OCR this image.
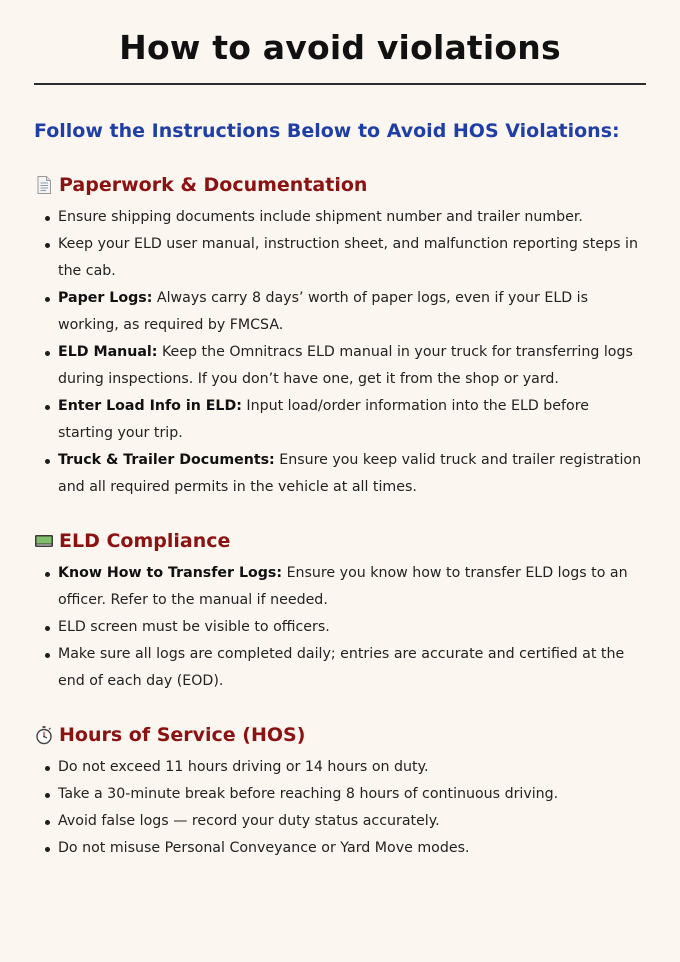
How to avoid violations
Follow the Instructions Below to Avoid HOS Violations:
Paperwork & Documentation
Ensure shipping documents include shipment number and trailer number.
Keep your ELD user manual, instruction sheet, and malfunction reporting steps in the cab.
Paper Logs: Always carry 8 days’ worth of paper logs, even if your ELD is working, as required by FMCSA.
ELD Manual: Keep the Omnitracs ELD manual in your truck for transferring logs during inspections. If you don’t have one, get it from the shop or yard.
Enter Load Info in ELD: Input load/order information into the ELD before starting your trip.
Truck & Trailer Documents: Ensure you keep valid truck and trailer registration and all required permits in the vehicle at all times.
ELD Compliance
Know How to Transfer Logs: Ensure you know how to transfer ELD logs to an officer. Refer to the manual if needed.
ELD screen must be visible to officers.
Make sure all logs are completed daily; entries are accurate and certified at the end of each day (EOD).
Hours of Service (HOS)
Do not exceed 11 hours driving or 14 hours on duty.
Take a 30-minute break before reaching 8 hours of continuous driving.
Avoid false logs — record your duty status accurately.
Do not misuse Personal Conveyance or Yard Move modes.
